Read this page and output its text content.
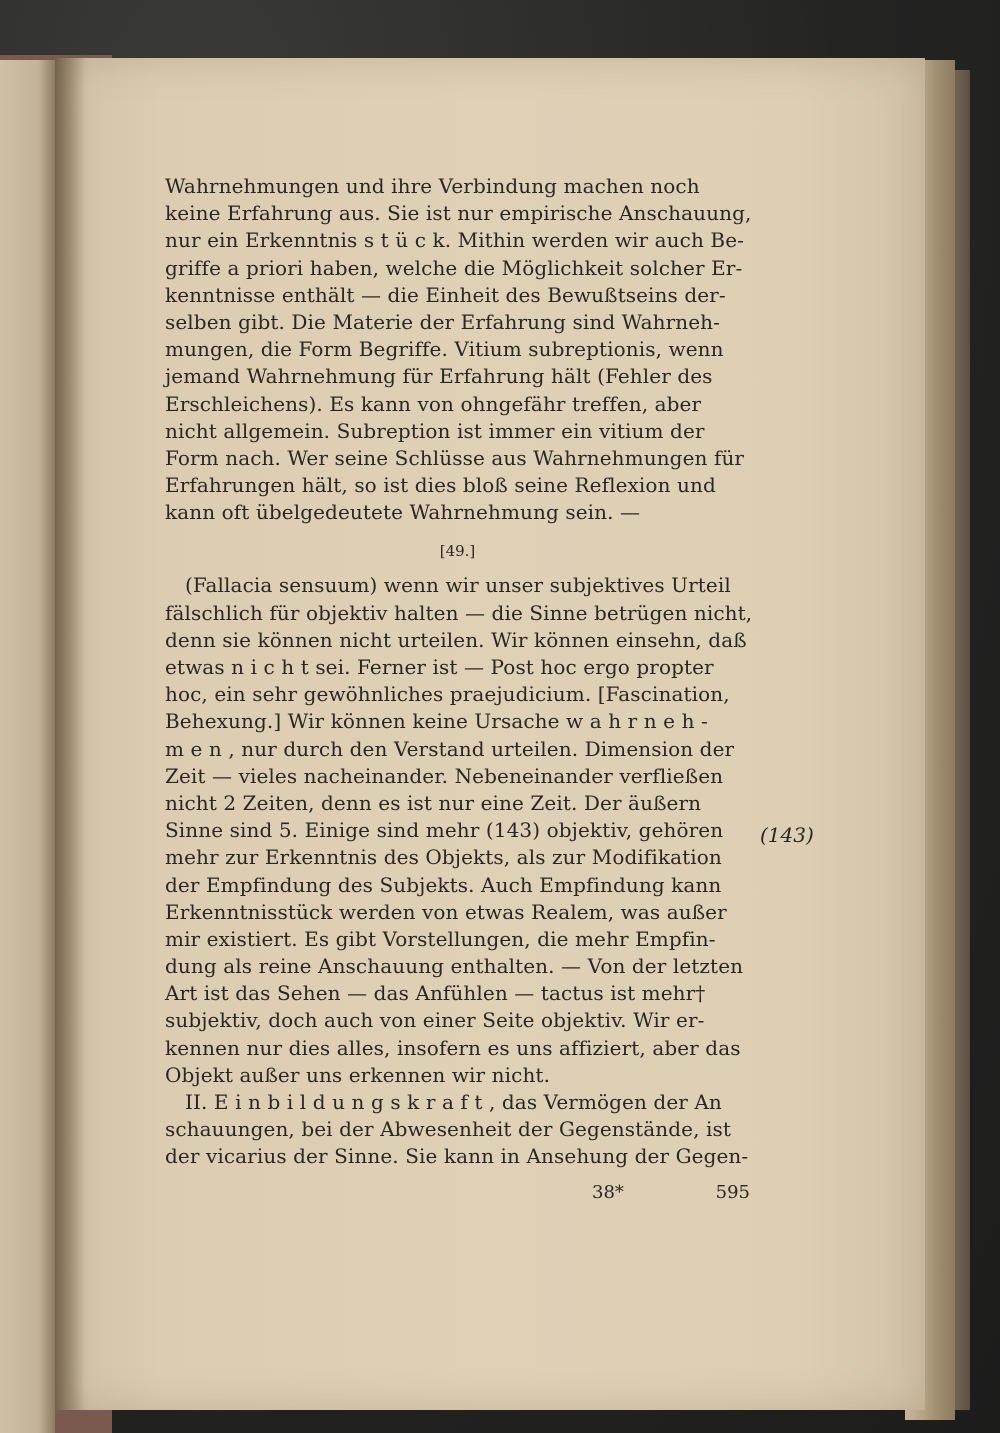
Wahrnehmungen und ihre Verbindung machen noch
keine Erfahrung aus. Sie ist nur empirische Anschauung,
nur ein Erkenntnis s t ü c k. Mithin werden wir auch Be-
griffe a priori haben, welche die Möglichkeit solcher Er-
kenntnisse enthält — die Einheit des Bewußtseins der-
selben gibt. Die Materie der Erfahrung sind Wahrneh-
mungen, die Form Begriffe. Vitium subreptionis, wenn
jemand Wahrnehmung für Erfahrung hält (Fehler des
Erschleichens). Es kann von ohngefähr treffen, aber
nicht allgemein. Subreption ist immer ein vitium der
Form nach. Wer seine Schlüsse aus Wahrnehmungen für
Erfahrungen hält, so ist dies bloß seine Reflexion und
kann oft übelgedeutete Wahrnehmung sein. —
[49.]
(Fallacia sensuum) wenn wir unser subjektives Urteil
fälschlich für objektiv halten — die Sinne betrügen nicht,
denn sie können nicht urteilen. Wir können einsehn, daß
etwas n i c h t sei. Ferner ist — Post hoc ergo propter
hoc, ein sehr gewöhnliches praejudicium. [Fascination,
Behexung.] Wir können keine Ursache w a h r n e h -
m e n , nur durch den Verstand urteilen. Dimension der
Zeit — vieles nacheinander. Nebeneinander verfließen
nicht 2 Zeiten, denn es ist nur eine Zeit. Der äußern
Sinne sind 5. Einige sind mehr (143) objektiv, gehören
mehr zur Erkenntnis des Objekts, als zur Modifikation
der Empfindung des Subjekts. Auch Empfindung kann
Erkenntnisstück werden von etwas Realem, was außer
mir existiert. Es gibt Vorstellungen, die mehr Empfin-
dung als reine Anschauung enthalten. — Von der letzten
Art ist das Sehen — das Anfühlen — tactus ist mehr†
subjektiv, doch auch von einer Seite objektiv. Wir er-
kennen nur dies alles, insofern es uns affiziert, aber das
Objekt außer uns erkennen wir nicht.
II. E i n b i l d u n g s k r a f t , das Vermögen der An
schauungen, bei der Abwesenheit der Gegenstände, ist
der vicarius der Sinne. Sie kann in Ansehung der Gegen-
(143)
38*	595
